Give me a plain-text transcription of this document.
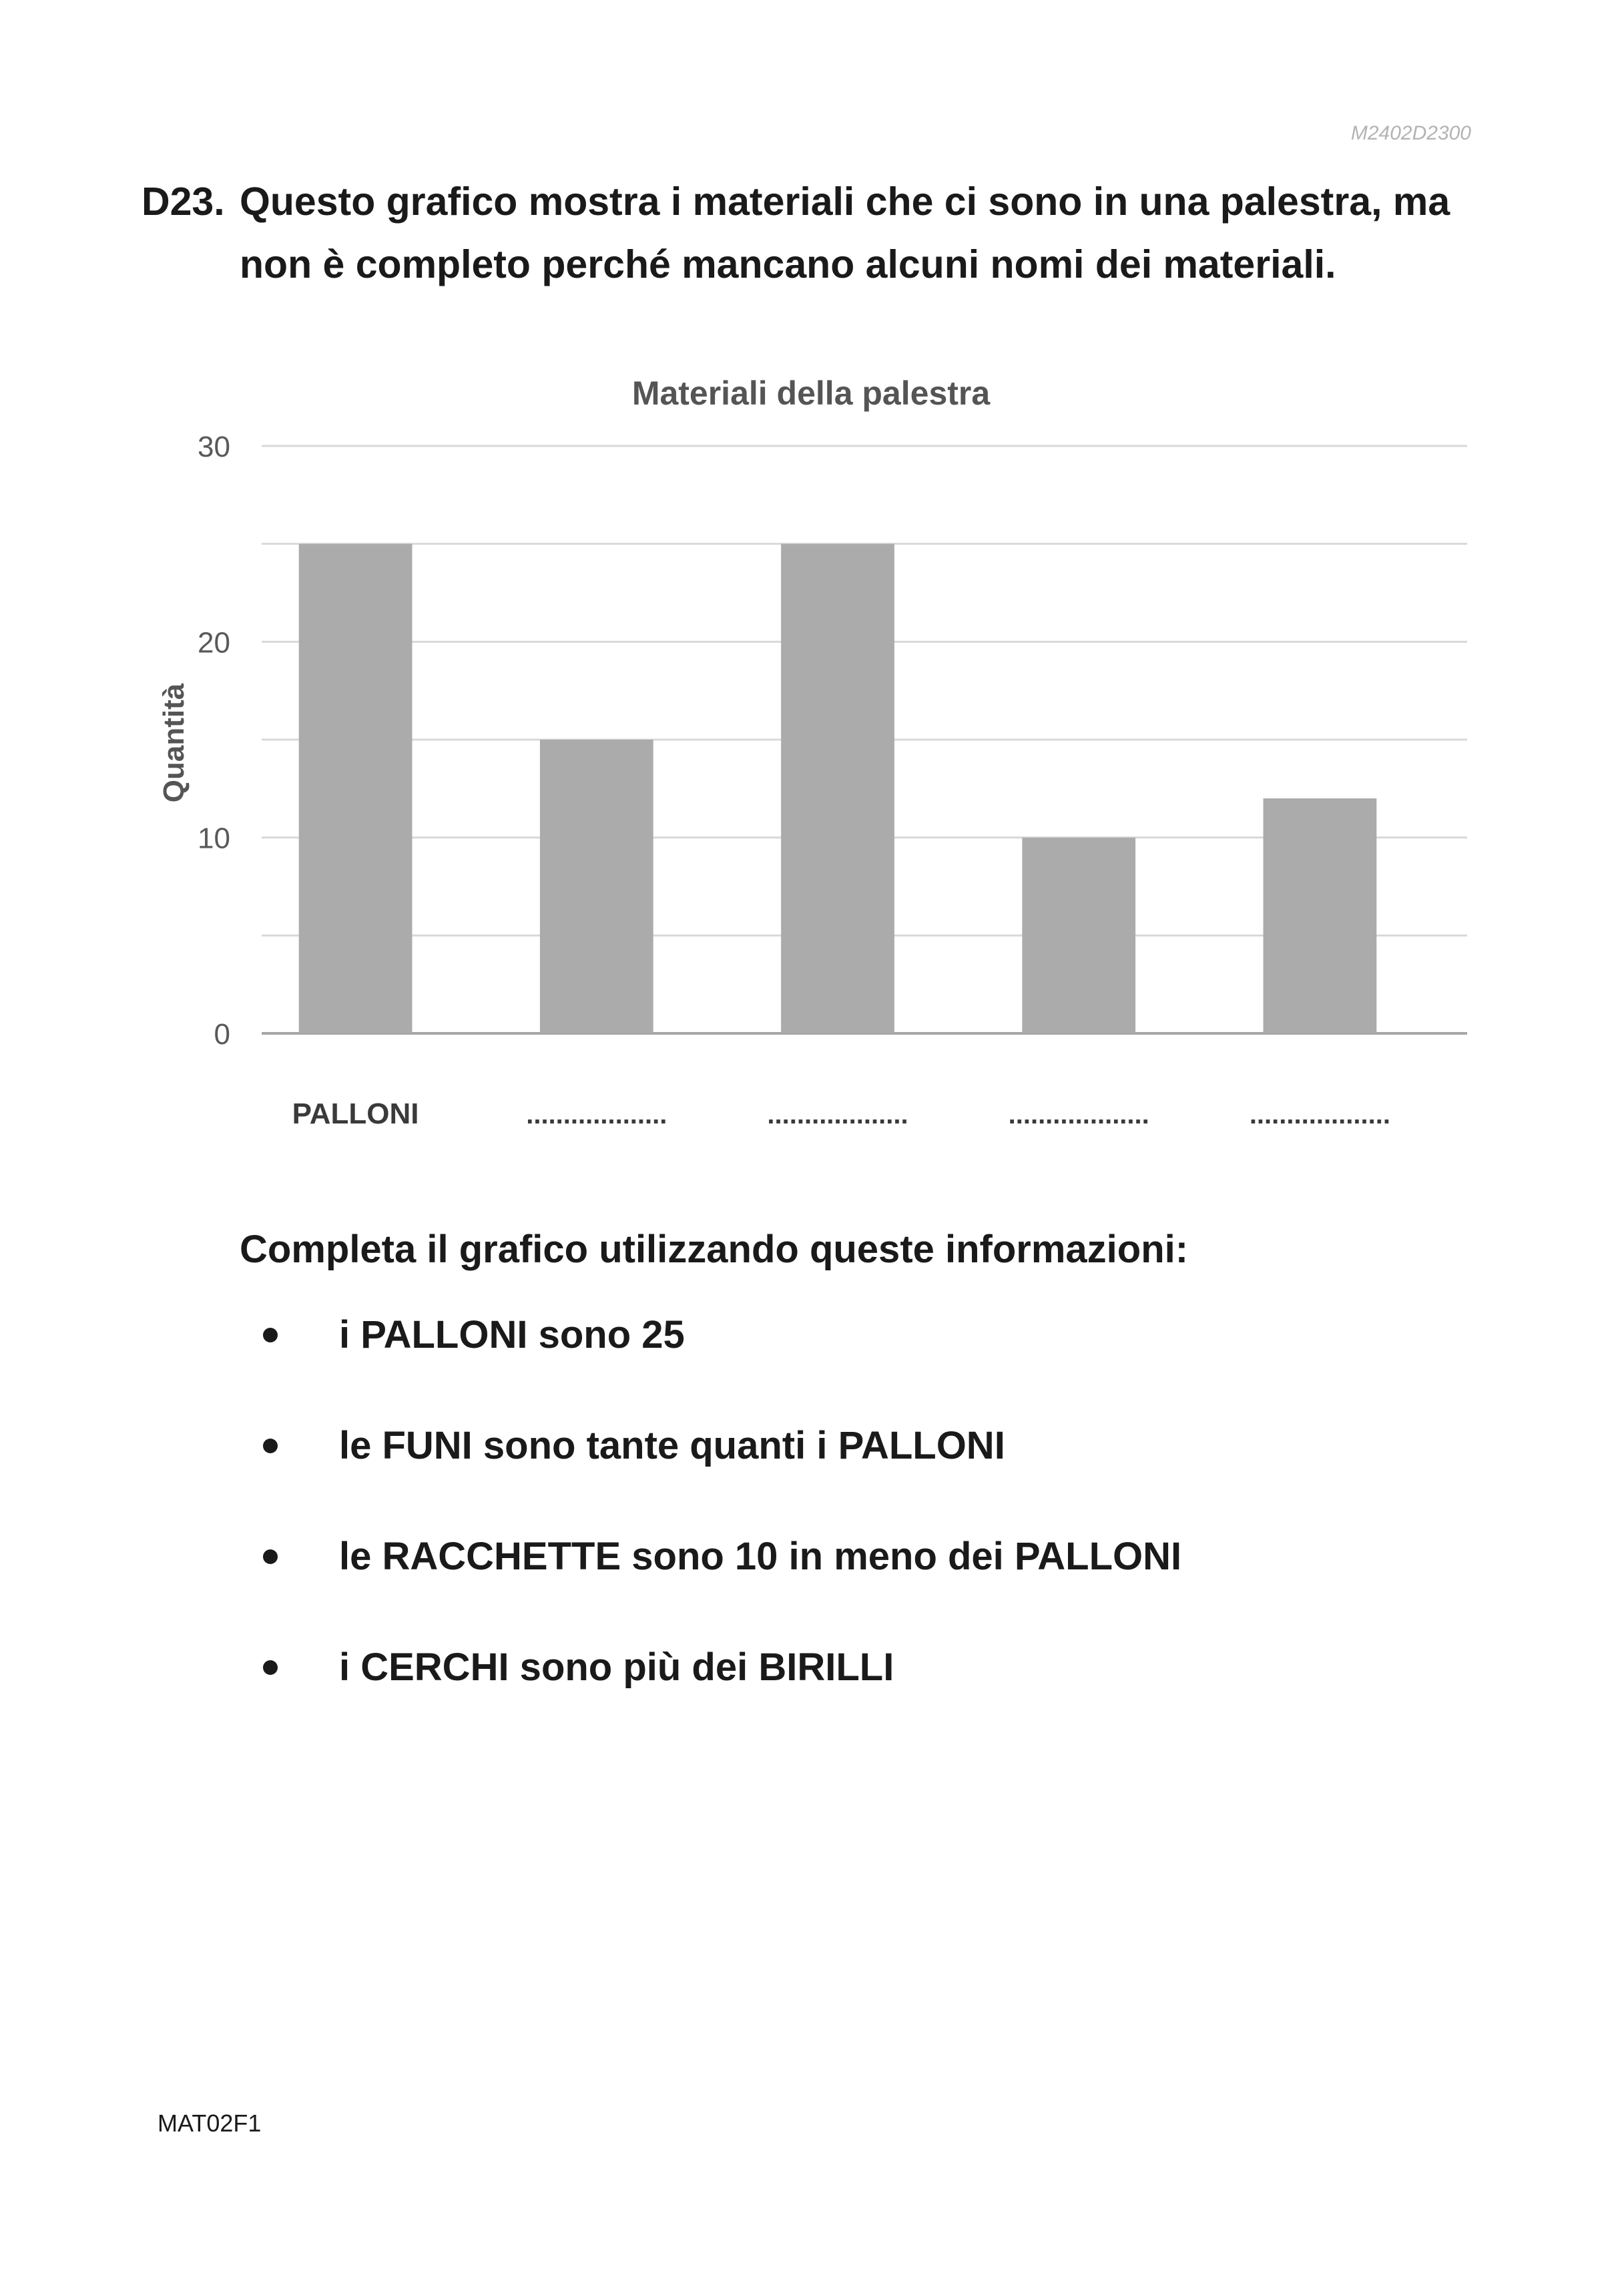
M2402D2300
D23. Questo grafico mostra i materiali che ci sono in una palestra, ma non è completo perché mancano alcuni nomi dei materiali.
Materiali della palestra
0
10
20
30
Quantità
PALLONI	...................	...................	...................	...................
Completa il grafico utilizzando queste informazioni:
i PALLONI sono 25
le FUNI sono tante quanti i PALLONI
le RACCHETTE sono 10 in meno dei PALLONI
i CERCHI sono più dei BIRILLI
MAT02F1
